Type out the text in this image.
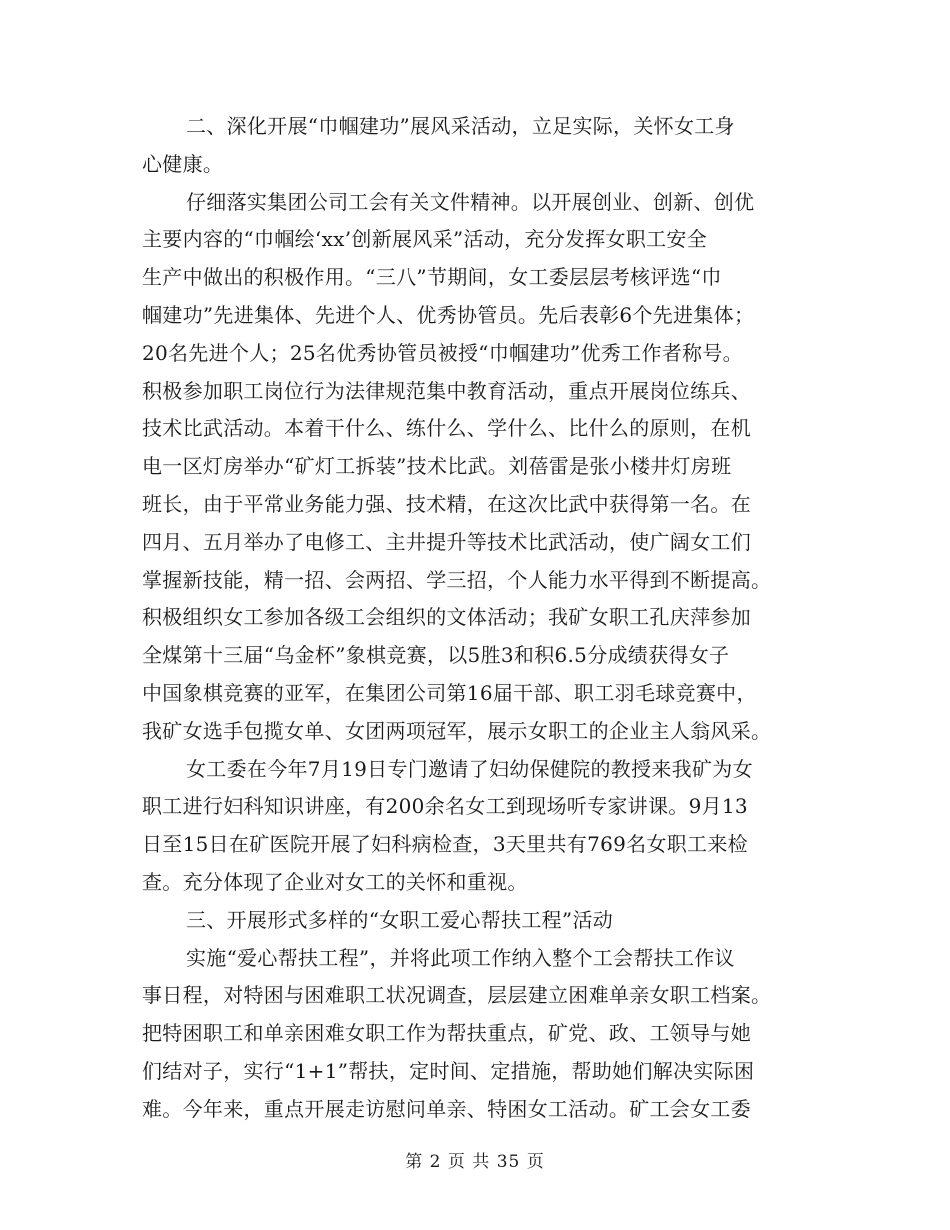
二、深化开展“巾帼建功”展风采活动，立足实际，关怀女工身
心健康。
仔细落实集团公司工会有关文件精神。以开展创业、创新、创优
主要内容的“巾帼绘‘xx’创新展风采”活动，充分发挥女职工安全
生产中做出的积极作用。“三八”节期间，女工委层层考核评选“巾
帼建功”先进集体、先进个人、优秀协管员。先后表彰6个先进集体；
20名先进个人；25名优秀协管员被授“巾帼建功”优秀工作者称号。
积极参加职工岗位行为法律规范集中教育活动，重点开展岗位练兵、
技术比武活动。本着干什么、练什么、学什么、比什么的原则，在机
电一区灯房举办“矿灯工拆装”技术比武。刘蓓雷是张小楼井灯房班
班长，由于平常业务能力强、技术精，在这次比武中获得第一名。在
四月、五月举办了电修工、主井提升等技术比武活动，使广阔女工们
掌握新技能，精一招、会两招、学三招，个人能力水平得到不断提高。
积极组织女工参加各级工会组织的文体活动；我矿女职工孔庆萍参加
全煤第十三届“乌金杯”象棋竞赛，以5胜3和积6.5分成绩获得女子
中国象棋竞赛的亚军，在集团公司第16届干部、职工羽毛球竞赛中，
我矿女选手包揽女单、女团两项冠军，展示女职工的企业主人翁风采。
女工委在今年7月19日专门邀请了妇幼保健院的教授来我矿为女
职工进行妇科知识讲座，有200余名女工到现场听专家讲课。9月13
日至15日在矿医院开展了妇科病检查，3天里共有769名女职工来检
查。充分体现了企业对女工的关怀和重视。
三、开展形式多样的“女职工爱心帮扶工程”活动
实施“爱心帮扶工程”，并将此项工作纳入整个工会帮扶工作议
事日程，对特困与困难职工状况调查，层层建立困难单亲女职工档案。
把特困职工和单亲困难女职工作为帮扶重点，矿党、政、工领导与她
们结对子，实行“1+1”帮扶，定时间、定措施，帮助她们解决实际困
难。今年来，重点开展走访慰问单亲、特困女工活动。矿工会女工委
第 2 页 共 35 页
